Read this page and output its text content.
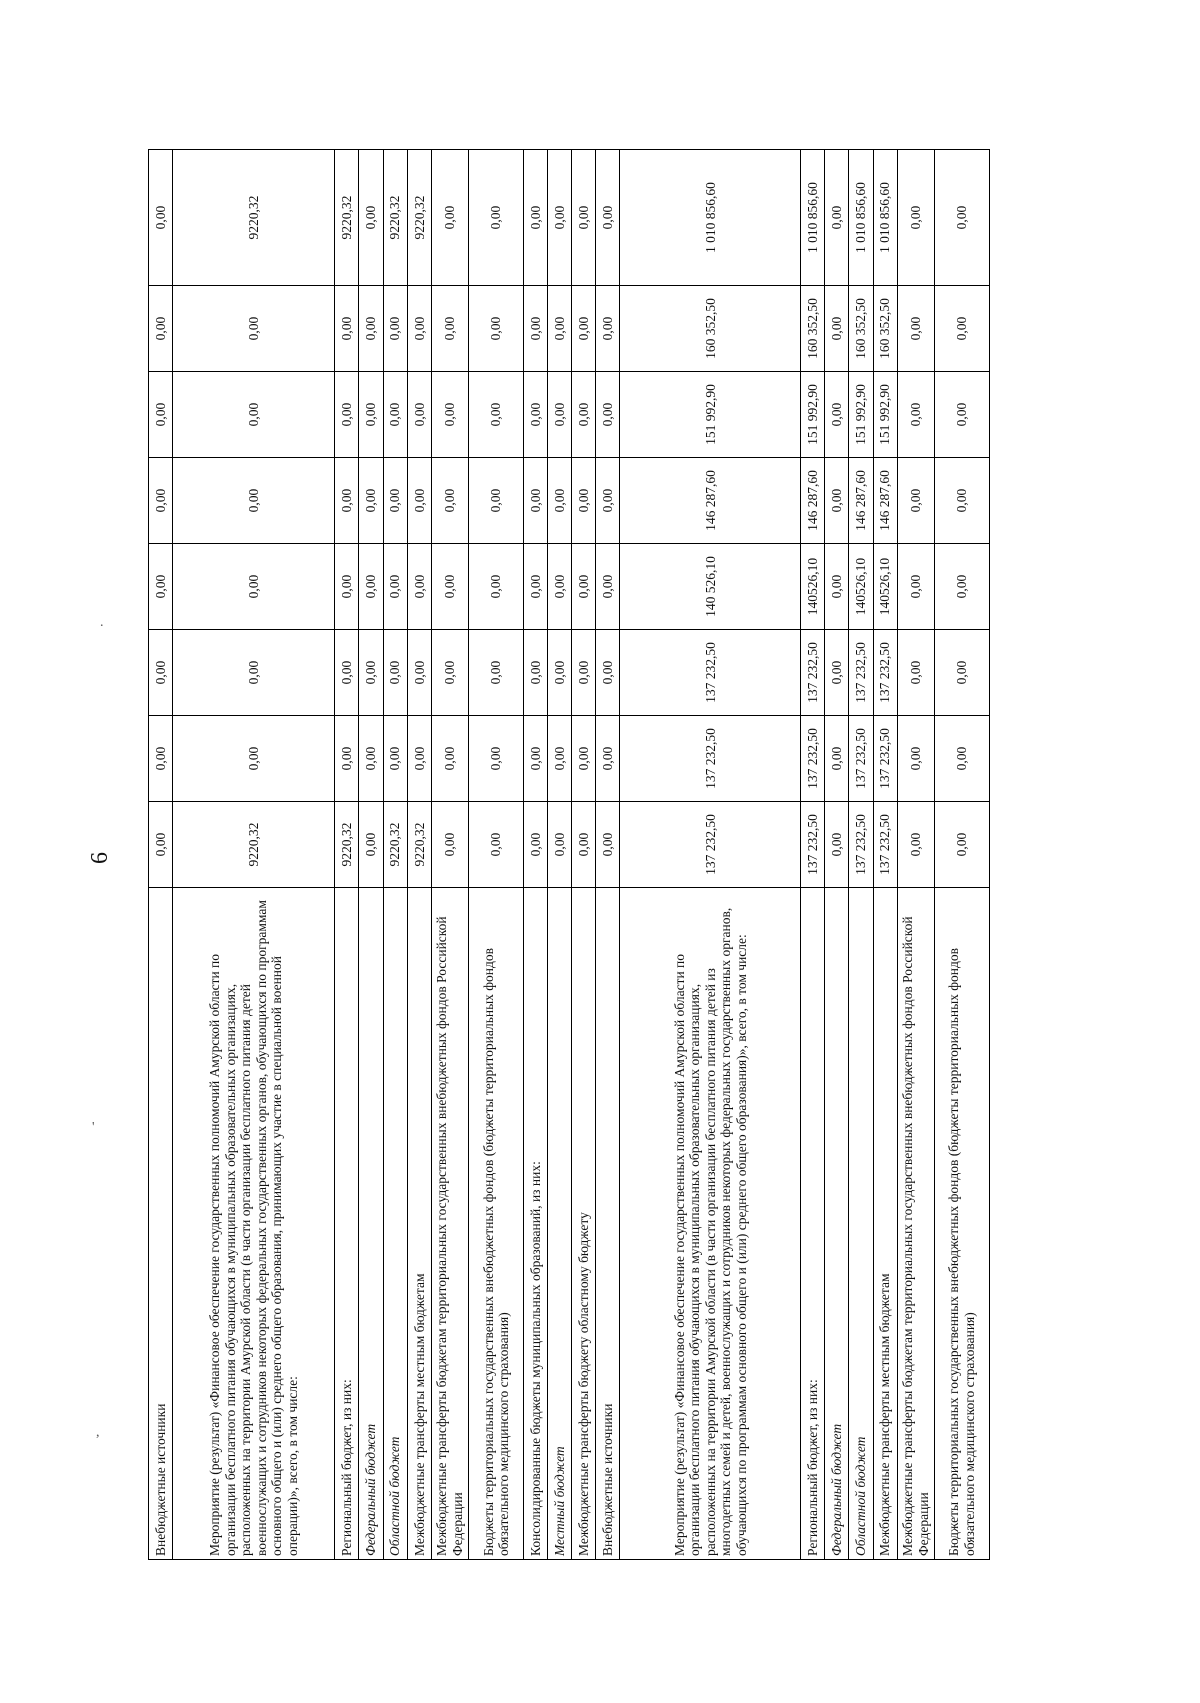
6
'
,
.
Внебюджетные источники	0,00	0,00	0,00	0,00	0,00	0,00	0,00	0,00
Мероприятие (результат) «Финансовое обеспечение государственных полномочий Амурской области по организации бесплатного питания обучающихся в муниципальных образовательных организациях, расположенных на территории Амурской области (в части организации бесплатного питания детей военнослужащих и сотрудников некоторых федеральных государственных органов, обучающихся по программам основного общего и (или) среднего общего образования, принимающих участие в специальной военной операции)», всего, в том числе:	9220,32	0,00	0,00	0,00	0,00	0,00	0,00	9220,32
Региональный бюджет, из них:	9220,32	0,00	0,00	0,00	0,00	0,00	0,00	9220,32
Федеральный бюджет	0,00	0,00	0,00	0,00	0,00	0,00	0,00	0,00
Областной бюджет	9220,32	0,00	0,00	0,00	0,00	0,00	0,00	9220,32
Межбюджетные трансферты местным бюджетам	9220,32	0,00	0,00	0,00	0,00	0,00	0,00	9220,32
Межбюджетные трансферты бюджетам территориальных государственных внебюджетных фондов Российской Федерации	0,00	0,00	0,00	0,00	0,00	0,00	0,00	0,00
Бюджеты территориальных государственных внебюджетных фондов (бюджеты территориальных фондов обязательного медицинского страхования)	0,00	0,00	0,00	0,00	0,00	0,00	0,00	0,00
Консолидированные бюджеты муниципальных образований, из них:	0,00	0,00	0,00	0,00	0,00	0,00	0,00	0,00
Местный бюджет	0,00	0,00	0,00	0,00	0,00	0,00	0,00	0,00
Межбюджетные трансферты бюджету областному бюджету	0,00	0,00	0,00	0,00	0,00	0,00	0,00	0,00
Внебюджетные источники	0,00	0,00	0,00	0,00	0,00	0,00	0,00	0,00
Мероприятие (результат) «Финансовое обеспечение государственных полномочий Амурской области по организации бесплатного питания обучающихся в муниципальных образовательных организациях, расположенных на территории Амурской области (в части организации бесплатного питания детей из многодетных семей и детей, военнослужащих и сотрудников некоторых федеральных государственных органов, обучающихся по программам основного общего и (или) среднего общего образования)», всего, в том числе:	137 232,50	137 232,50	137 232,50	140 526,10	146 287,60	151 992,90	160 352,50	1 010 856,60
Региональный бюджет, из них:	137 232,50	137 232,50	137 232,50	140526,10	146 287,60	151 992,90	160 352,50	1 010 856,60
Федеральный бюджет	0,00	0,00	0,00	0,00	0,00	0,00	0,00	0,00
Областной бюджет	137 232,50	137 232,50	137 232,50	140526,10	146 287,60	151 992,90	160 352,50	1 010 856,60
Межбюджетные трансферты местным бюджетам	137 232,50	137 232,50	137 232,50	140526,10	146 287,60	151 992,90	160 352,50	1 010 856,60
Межбюджетные трансферты бюджетам территориальных государственных внебюджетных фондов Российской Федерации	0,00	0,00	0,00	0,00	0,00	0,00	0,00	0,00
Бюджеты территориальных государственных внебюджетных фондов (бюджеты территориальных фондов обязательного медицинского страхования)	0,00	0,00	0,00	0,00	0,00	0,00	0,00	0,00
